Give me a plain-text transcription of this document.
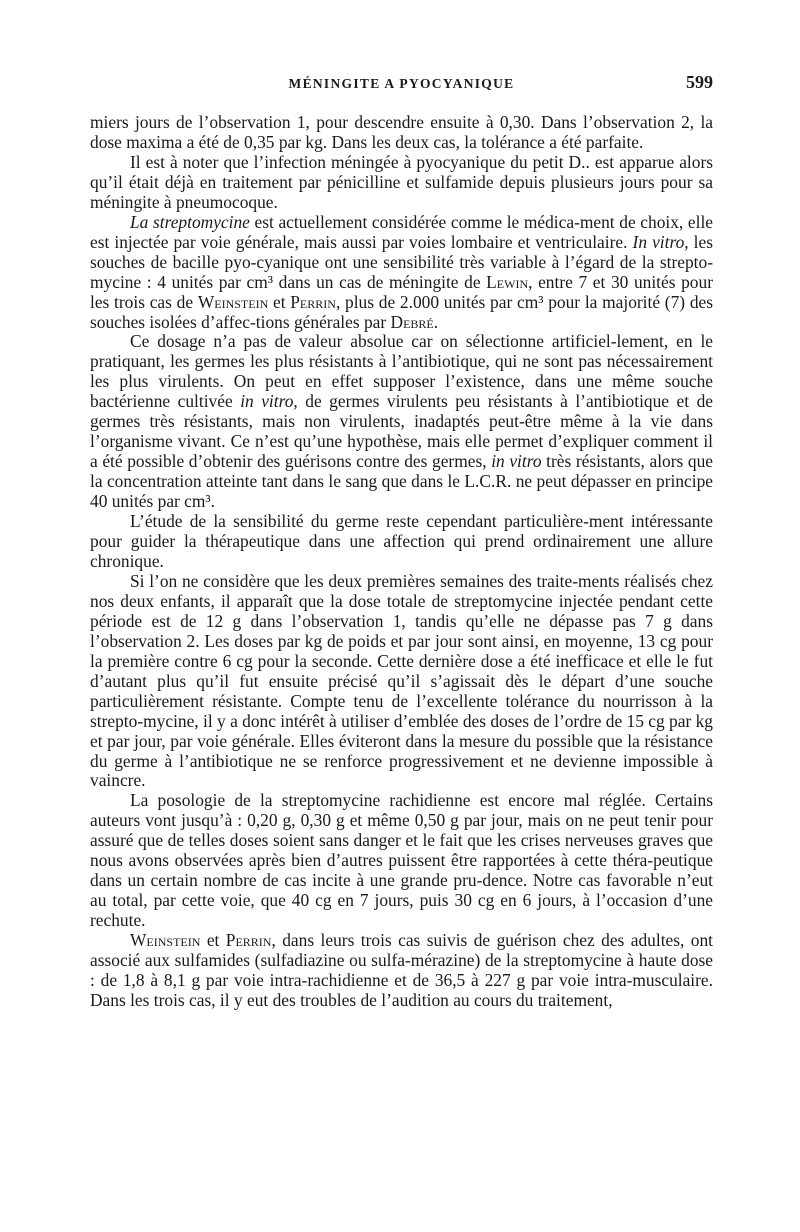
MÉNINGITE A PYOCYANIQUE	599

miers jours de l’observation 1, pour descendre ensuite à 0,30. Dans l’observation 2, la dose maxima a été de 0,35 par kg. Dans les deux cas, la tolérance a été parfaite.

Il est à noter que l’infection méningée à pyocyanique du petit D.. est apparue alors qu’il était déjà en traitement par pénicilline et sulfamide depuis plusieurs jours pour sa méningite à pneumocoque.

La streptomycine est actuellement considérée comme le médica-ment de choix, elle est injectée par voie générale, mais aussi par voies lombaire et ventriculaire. In vitro, les souches de bacille pyo-cyanique ont une sensibilité très variable à l’égard de la strepto-mycine : 4 unités par cm³ dans un cas de méningite de Lewin, entre 7 et 30 unités pour les trois cas de Weinstein et Perrin, plus de 2.000 unités par cm³ pour la majorité (7) des souches isolées d’affec-tions générales par Debré.

Ce dosage n’a pas de valeur absolue car on sélectionne artificiel-lement, en le pratiquant, les germes les plus résistants à l’antibiotique, qui ne sont pas nécessairement les plus virulents. On peut en effet supposer l’existence, dans une même souche bactérienne cultivée in vitro, de germes virulents peu résistants à l’antibiotique et de germes très résistants, mais non virulents, inadaptés peut-être même à la vie dans l’organisme vivant. Ce n’est qu’une hypothèse, mais elle permet d’expliquer comment il a été possible d’obtenir des guérisons contre des germes, in vitro très résistants, alors que la concentration atteinte tant dans le sang que dans le L.C.R. ne peut dépasser en principe 40 unités par cm³.

L’étude de la sensibilité du germe reste cependant particulière-ment intéressante pour guider la thérapeutique dans une affection qui prend ordinairement une allure chronique.

Si l’on ne considère que les deux premières semaines des traite-ments réalisés chez nos deux enfants, il apparaît que la dose totale de streptomycine injectée pendant cette période est de 12 g dans l’observation 1, tandis qu’elle ne dépasse pas 7 g dans l’observation 2. Les doses par kg de poids et par jour sont ainsi, en moyenne, 13 cg pour la première contre 6 cg pour la seconde. Cette dernière dose a été inefficace et elle le fut d’autant plus qu’il fut ensuite précisé qu’il s’agissait dès le départ d’une souche particulièrement résistante. Compte tenu de l’excellente tolérance du nourrisson à la strepto-mycine, il y a donc intérêt à utiliser d’emblée des doses de l’ordre de 15 cg par kg et par jour, par voie générale. Elles éviteront dans la mesure du possible que la résistance du germe à l’antibiotique ne se renforce progressivement et ne devienne impossible à vaincre.

La posologie de la streptomycine rachidienne est encore mal réglée. Certains auteurs vont jusqu’à : 0,20 g, 0,30 g et même 0,50 g par jour, mais on ne peut tenir pour assuré que de telles doses soient sans danger et le fait que les crises nerveuses graves que nous avons observées après bien d’autres puissent être rapportées à cette théra-peutique dans un certain nombre de cas incite à une grande pru-dence. Notre cas favorable n’eut au total, par cette voie, que 40 cg en 7 jours, puis 30 cg en 6 jours, à l’occasion d’une rechute.

Weinstein et Perrin, dans leurs trois cas suivis de guérison chez des adultes, ont associé aux sulfamides (sulfadiazine ou sulfa-mérazine) de la streptomycine à haute dose : de 1,8 à 8,1 g par voie intra-rachidienne et de 36,5 à 227 g par voie intra-musculaire. Dans les trois cas, il y eut des troubles de l’audition au cours du traitement,
